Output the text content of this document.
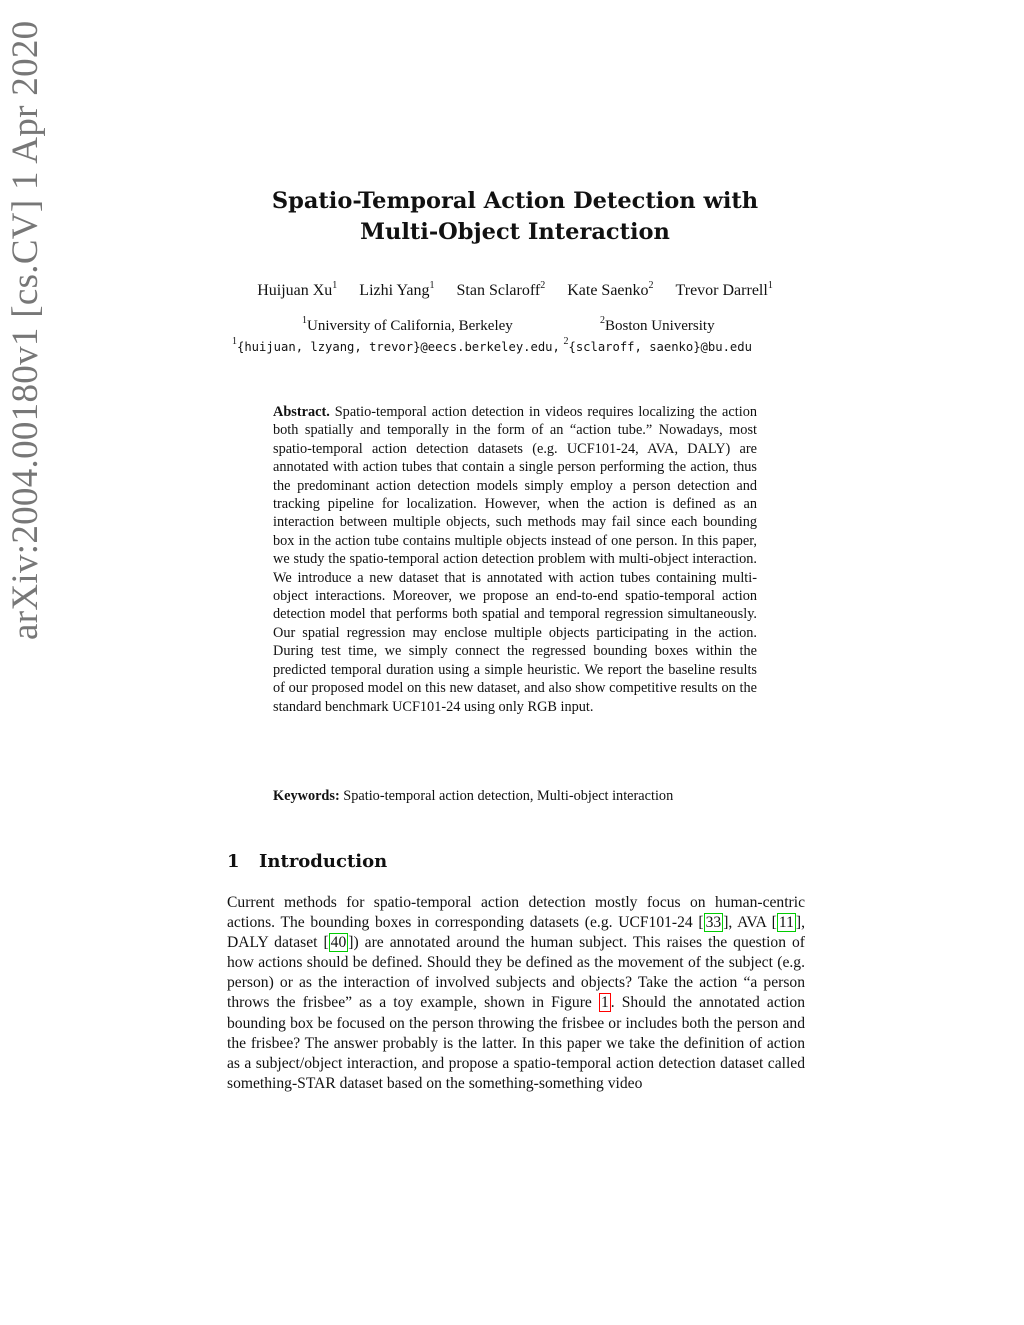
arXiv:2004.00180v1 [cs.CV] 1 Apr 2020	Spatio-Temporal Action Detection with
Multi-Object Interaction
Huijuan Xu$^1$ Lizhi Yang$^1$ Stan Sclaroff$^2$ Kate Saenko$^2$ Trevor Darrell$^1$
$^1$University of California, Berkeley	$^2$Boston University
$^1${huijuan, lzyang, trevor}@eecs.berkeley.edu, $^2${sclaroff, saenko}@bu.edu
Abstract. Spatio-temporal action detection in videos requires localizing the action both spatially and temporally in the form of an “action tube.” Nowadays, most spatio-temporal action detection datasets (e.g. UCF101-24, AVA, DALY) are annotated with action tubes that contain a single person performing the action, thus the predominant action detection models simply employ a person detection and tracking pipeline for localization. However, when the action is defined as an interaction between multiple objects, such methods may fail since each bounding box in the action tube contains multiple objects instead of one person. In this paper, we study the spatio-temporal action detection problem with multi-object interaction. We introduce a new dataset that is annotated with action tubes containing multi-object interactions. Moreover, we propose an end-to-end spatio-temporal action detection model that performs both spatial and temporal regression simultaneously. Our spatial regression may enclose multiple objects participating in the action. During test time, we simply connect the regressed bounding boxes within the predicted temporal duration using a simple heuristic. We report the baseline results of our proposed model on this new dataset, and also show competitive results on the standard benchmark UCF101-24 using only RGB input.
Keywords: Spatio-temporal action detection, Multi-object interaction
1 Introduction
Current methods for spatio-temporal action detection mostly focus on human-centric actions. The bounding boxes in corresponding datasets (e.g. UCF101-24 [ 33 ], AVA [ 11 ], DALY dataset [ 40 ]) are annotated around the human subject. This raises the question of how actions should be defined. Should they be defined as the movement of the subject (e.g. person) or as the interaction of involved subjects and objects? Take the action “a person throws the frisbee” as a toy example, shown in Figure 1 . Should the annotated action bounding box be focused on the person throwing the frisbee or includes both the person and the frisbee? The answer probably is the latter. In this paper we take the definition of action as a subject/object interaction, and propose a spatio-temporal action detection dataset called something-STAR dataset based on the something-something video
